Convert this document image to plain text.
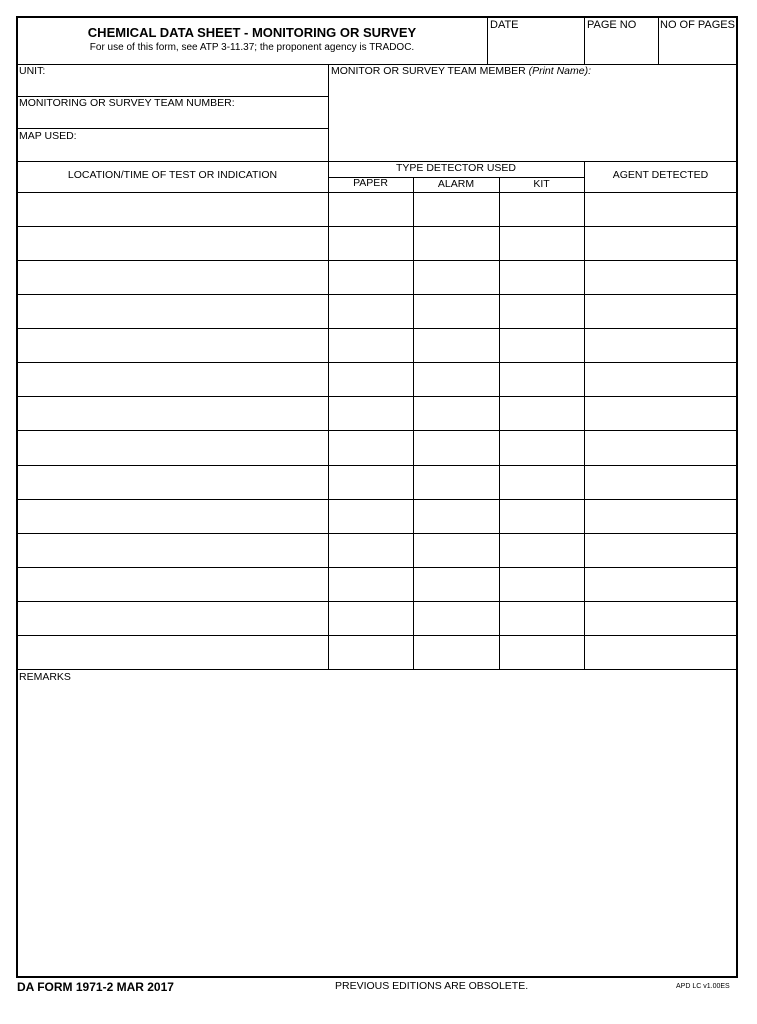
CHEMICAL DATA SHEET - MONITORING OR SURVEY
For use of this form, see ATP 3-11.37; the proponent agency is TRADOC.
DATE	PAGE NO NO OF PAGES
UNIT:
MONITORING OR SURVEY TEAM NUMBER:
MAP USED:
MONITOR OR SURVEY TEAM MEMBER (Print Name):
LOCATION/TIME OF TEST OR INDICATION
TYPE DETECTOR USED
PAPER	ALARM	KIT
AGENT DETECTED
REMARKS
DA FORM 1971-2 MAR 2017	PREVIOUS EDITIONS ARE OBSOLETE.	APD LC v1.00ES
